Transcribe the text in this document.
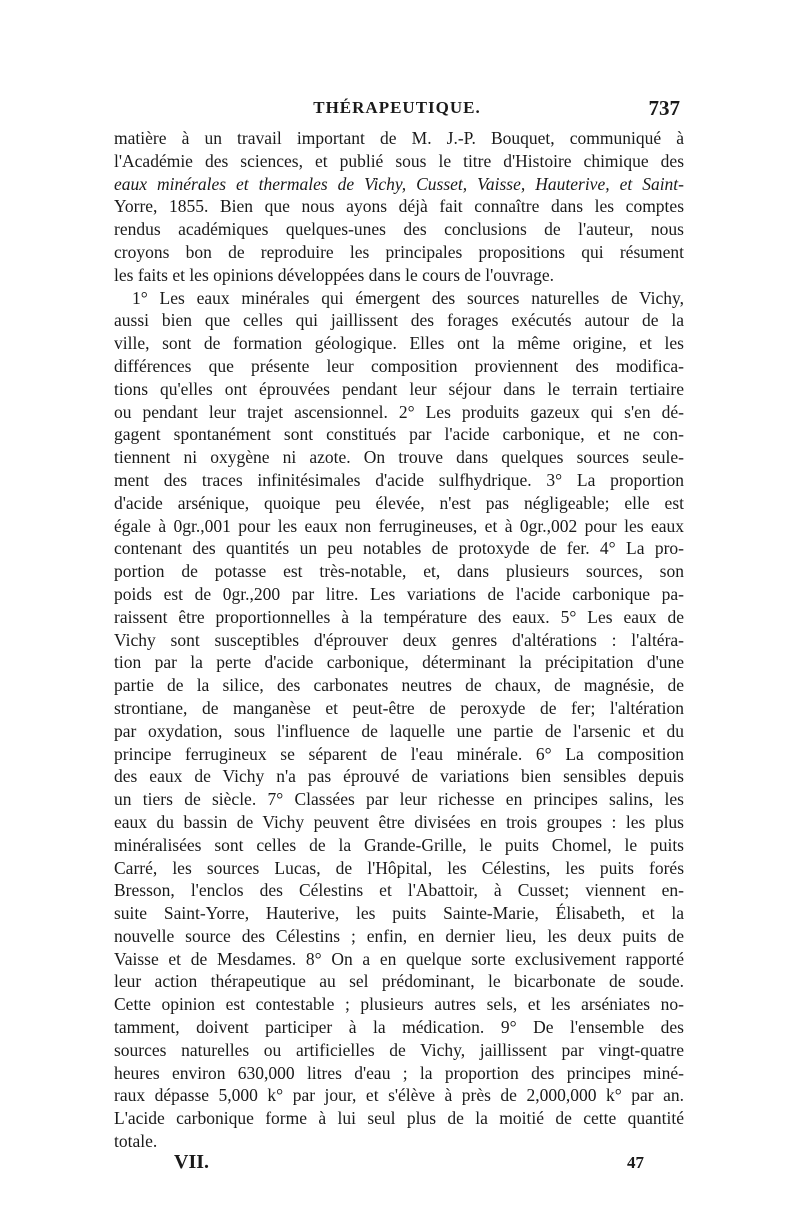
THÉRAPEUTIQUE.	737
matière à un travail important de M. J.-P. Bouquet, communiqué à
l'Académie des sciences, et publié sous le titre d'Histoire chimique des
eaux minérales et thermales de Vichy, Cusset, Vaisse, Hauterive, et Saint-
Yorre, 1855. Bien que nous ayons déjà fait connaître dans les comptes
rendus académiques quelques-unes des conclusions de l'auteur, nous
croyons bon de reproduire les principales propositions qui résument
les faits et les opinions développées dans le cours de l'ouvrage.
1° Les eaux minérales qui émergent des sources naturelles de Vichy,
aussi bien que celles qui jaillissent des forages exécutés autour de la
ville, sont de formation géologique. Elles ont la même origine, et les
différences que présente leur composition proviennent des modifica-
tions qu'elles ont éprouvées pendant leur séjour dans le terrain tertiaire
ou pendant leur trajet ascensionnel. 2° Les produits gazeux qui s'en dé-
gagent spontanément sont constitués par l'acide carbonique, et ne con-
tiennent ni oxygène ni azote. On trouve dans quelques sources seule-
ment des traces infinitésimales d'acide sulfhydrique. 3° La proportion
d'acide arsénique, quoique peu élevée, n'est pas négligeable; elle est
égale à 0gr.,001 pour les eaux non ferrugineuses, et à 0gr.,002 pour les eaux
contenant des quantités un peu notables de protoxyde de fer. 4° La pro-
portion de potasse est très-notable, et, dans plusieurs sources, son
poids est de 0gr.,200 par litre. Les variations de l'acide carbonique pa-
raissent être proportionnelles à la température des eaux. 5° Les eaux de
Vichy sont susceptibles d'éprouver deux genres d'altérations : l'altéra-
tion par la perte d'acide carbonique, déterminant la précipitation d'une
partie de la silice, des carbonates neutres de chaux, de magnésie, de
strontiane, de manganèse et peut-être de peroxyde de fer; l'altération
par oxydation, sous l'influence de laquelle une partie de l'arsenic et du
principe ferrugineux se séparent de l'eau minérale. 6° La composition
des eaux de Vichy n'a pas éprouvé de variations bien sensibles depuis
un tiers de siècle. 7° Classées par leur richesse en principes salins, les
eaux du bassin de Vichy peuvent être divisées en trois groupes : les plus
minéralisées sont celles de la Grande-Grille, le puits Chomel, le puits
Carré, les sources Lucas, de l'Hôpital, les Célestins, les puits forés
Bresson, l'enclos des Célestins et l'Abattoir, à Cusset; viennent en-
suite Saint-Yorre, Hauterive, les puits Sainte-Marie, Élisabeth, et la
nouvelle source des Célestins ; enfin, en dernier lieu, les deux puits de
Vaisse et de Mesdames. 8° On a en quelque sorte exclusivement rapporté
leur action thérapeutique au sel prédominant, le bicarbonate de soude.
Cette opinion est contestable ; plusieurs autres sels, et les arséniates no-
tamment, doivent participer à la médication. 9° De l'ensemble des
sources naturelles ou artificielles de Vichy, jaillissent par vingt-quatre
heures environ 630,000 litres d'eau ; la proportion des principes miné-
raux dépasse 5,000 k° par jour, et s'élève à près de 2,000,000 k° par an.
L'acide carbonique forme à lui seul plus de la moitié de cette quantité
totale.
VII.	47
